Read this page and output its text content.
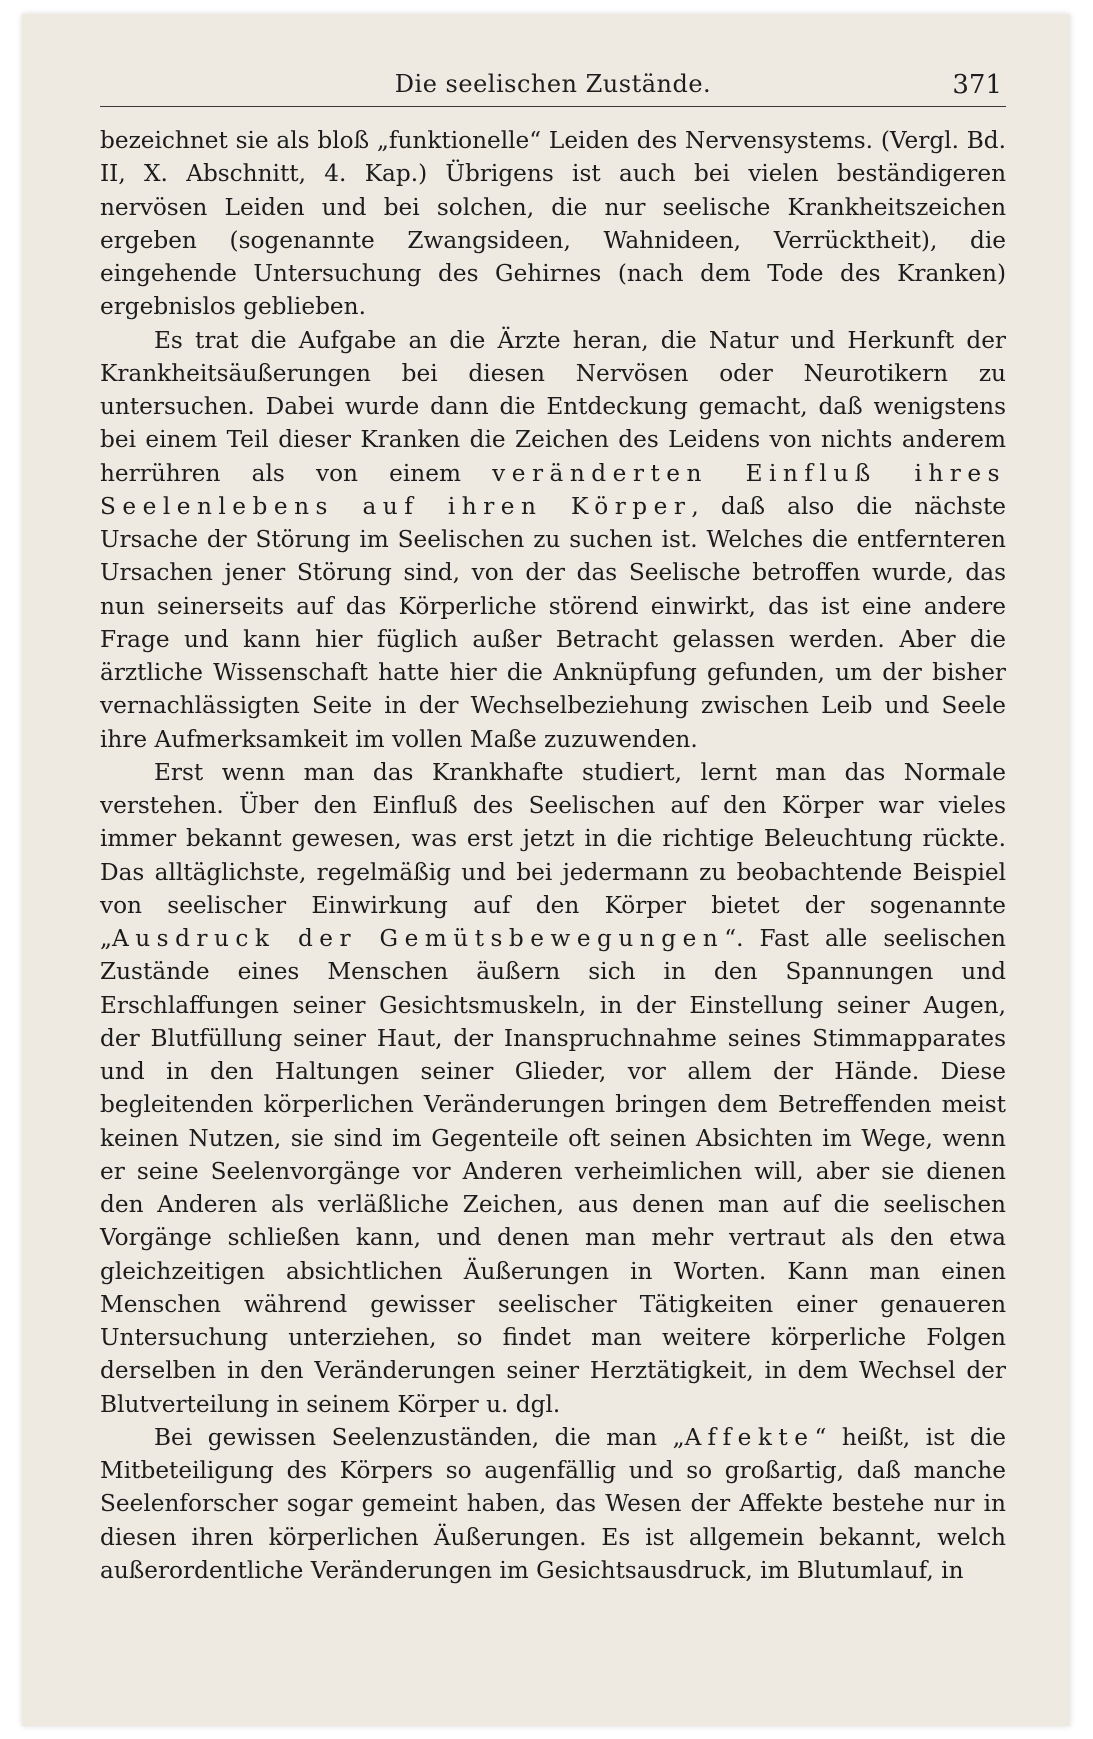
Die seelischen Zustände.	371

bezeichnet sie als bloß „funktionelle“ Leiden des Nervensystems. (Vergl. Bd. II, X. Abschnitt, 4. Kap.) Übrigens ist auch bei vielen beständigeren nervösen Leiden und bei solchen, die nur seelische Krankheitszeichen ergeben (sogenannte Zwangsideen, Wahnideen, Verrücktheit), die eingehende Untersuchung des Gehirnes (nach dem Tode des Kranken) ergebnislos geblieben.

Es trat die Aufgabe an die Ärzte heran, die Natur und Herkunft der Krankheitsäußerungen bei diesen Nervösen oder Neurotikern zu untersuchen. Dabei wurde dann die Entdeckung gemacht, daß wenigstens bei einem Teil dieser Kranken die Zeichen des Leidens von nichts anderem herrühren als von einem veränderten Einfluß ihres Seelenlebens auf ihren Körper, daß also die nächste Ursache der Störung im Seelischen zu suchen ist. Welches die entfernteren Ursachen jener Störung sind, von der das Seelische betroffen wurde, das nun seinerseits auf das Körperliche störend einwirkt, das ist eine andere Frage und kann hier füglich außer Betracht gelassen werden. Aber die ärztliche Wissenschaft hatte hier die Anknüpfung gefunden, um der bisher vernachlässigten Seite in der Wechselbeziehung zwischen Leib und Seele ihre Aufmerksamkeit im vollen Maße zuzuwenden.

Erst wenn man das Krankhafte studiert, lernt man das Normale verstehen. Über den Einfluß des Seelischen auf den Körper war vieles immer bekannt gewesen, was erst jetzt in die richtige Beleuchtung rückte. Das alltäglichste, regelmäßig und bei jedermann zu beobachtende Beispiel von seelischer Einwirkung auf den Körper bietet der sogenannte „Ausdruck der Gemütsbewegungen“. Fast alle seelischen Zustände eines Menschen äußern sich in den Spannungen und Erschlaffungen seiner Gesichtsmuskeln, in der Einstellung seiner Augen, der Blutfüllung seiner Haut, der Inanspruchnahme seines Stimmapparates und in den Haltungen seiner Glieder, vor allem der Hände. Diese begleitenden körperlichen Veränderungen bringen dem Betreffenden meist keinen Nutzen, sie sind im Gegenteile oft seinen Absichten im Wege, wenn er seine Seelenvorgänge vor Anderen verheimlichen will, aber sie dienen den Anderen als verläßliche Zeichen, aus denen man auf die seelischen Vorgänge schließen kann, und denen man mehr vertraut als den etwa gleichzeitigen absichtlichen Äußerungen in Worten. Kann man einen Menschen während gewisser seelischer Tätigkeiten einer genaueren Untersuchung unterziehen, so findet man weitere körperliche Folgen derselben in den Veränderungen seiner Herztätigkeit, in dem Wechsel der Blutverteilung in seinem Körper u. dgl.

Bei gewissen Seelenzuständen, die man „Affekte“ heißt, ist die Mitbeteiligung des Körpers so augenfällig und so großartig, daß manche Seelenforscher sogar gemeint haben, das Wesen der Affekte bestehe nur in diesen ihren körperlichen Äußerungen. Es ist allgemein bekannt, welch außerordentliche Veränderungen im Gesichtsausdruck, im Blutumlauf, in
